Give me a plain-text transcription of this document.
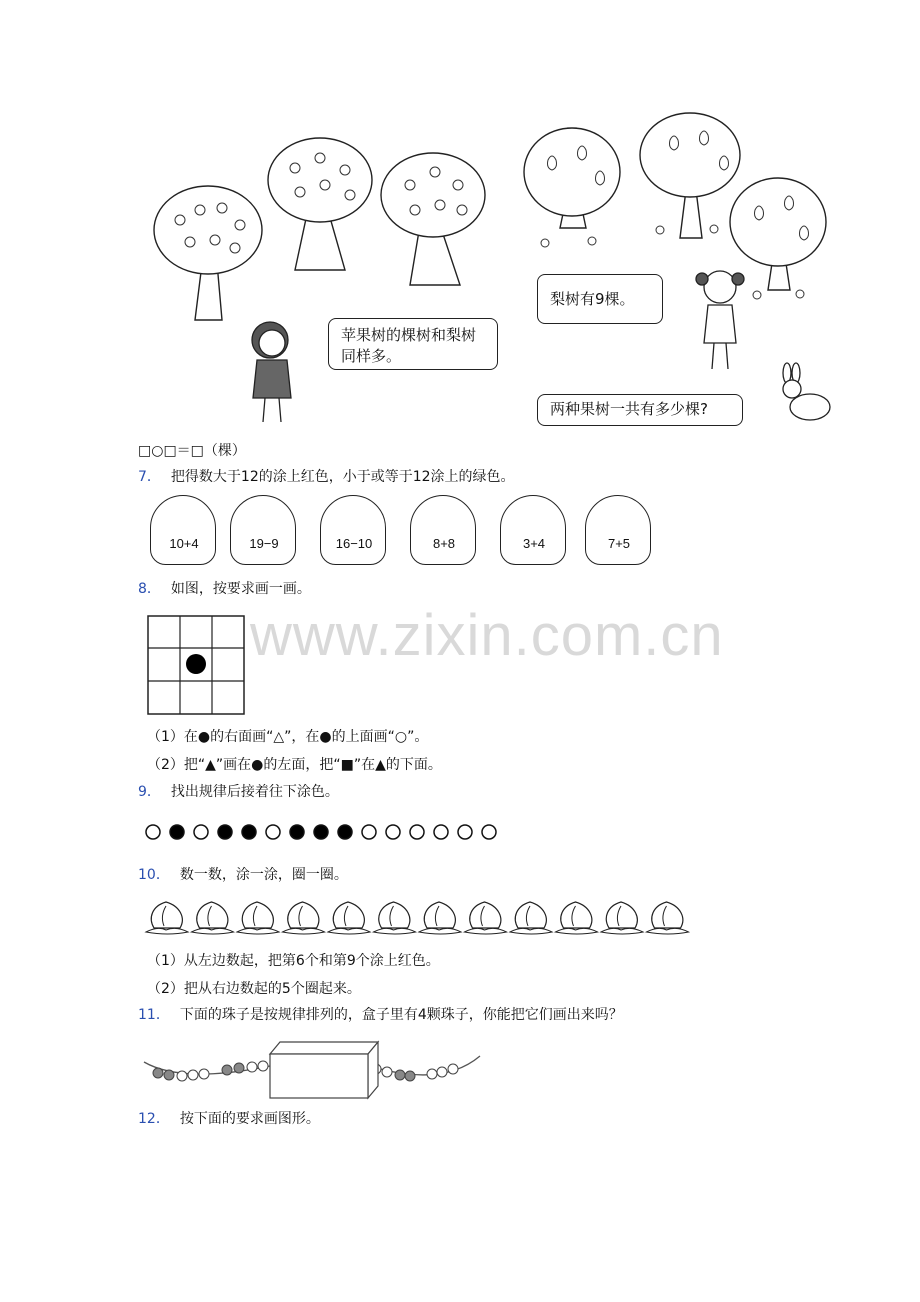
苹果树的棵树和梨树同样多。
梨树有9棵。
两种果树一共有多少棵?
□○□＝□（棵）
7． 把得数大于12的涂上红色，小于或等于12涂上的绿色。
10+4	19−9	16−10	8+8	3+4	7+5
8． 如图，按要求画一画。
（1）在●的右面画“△”，在●的上面画“○”。
（2）把“▲”画在●的左面，把“■”在▲的下面。
9． 找出规律后接着往下涂色。
10． 数一数，涂一涂，圈一圈。
（1）从左边数起，把第6个和第9个涂上红色。
（2）把从右边数起的5个圈起来。
11． 下面的珠子是按规律排列的，盒子里有4颗珠子，你能把它们画出来吗？
12． 按下面的要求画图形。
www.zixin.com.cn
